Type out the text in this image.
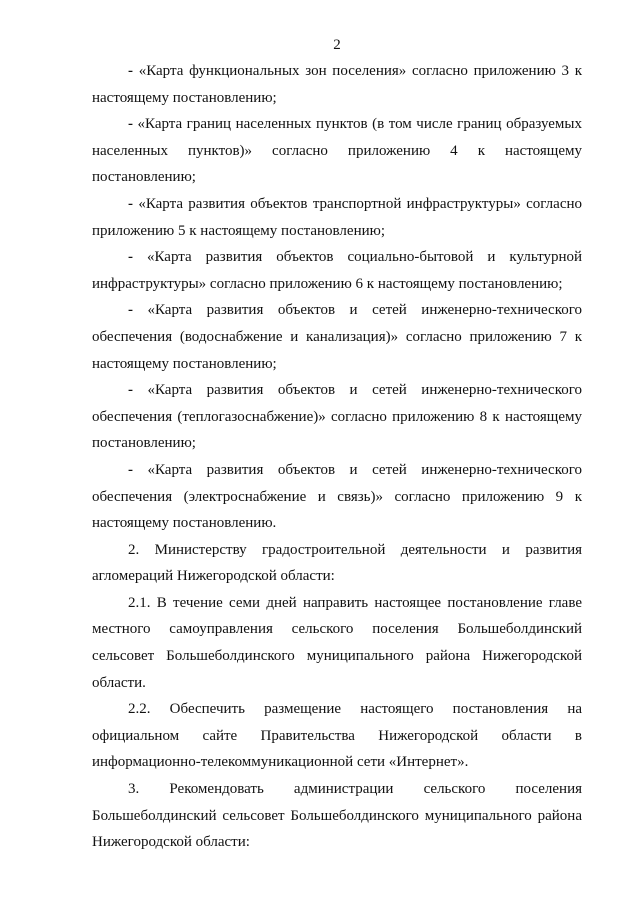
2

- «Карта функциональных зон поселения» согласно приложению 3 к настоящему постановлению;

- «Карта границ населенных пунктов (в том числе границ образуемых населенных пунктов)» согласно приложению 4 к настоящему постановлению;

- «Карта развития объектов транспортной инфраструктуры» согласно приложению 5 к настоящему постановлению;

- «Карта развития объектов социально-бытовой и культурной инфраструктуры» согласно приложению 6 к настоящему постановлению;

- «Карта развития объектов и сетей инженерно-технического обеспечения (водоснабжение и канализация)» согласно приложению 7 к настоящему постановлению;

- «Карта развития объектов и сетей инженерно-технического обеспечения (теплогазоснабжение)» согласно приложению 8 к настоящему постановлению;

- «Карта развития объектов и сетей инженерно-технического обеспечения (электроснабжение и связь)» согласно приложению 9 к настоящему постановлению.

2. Министерству градостроительной деятельности и развития агломераций Нижегородской области:

2.1. В течение семи дней направить настоящее постановление главе местного самоуправления сельского поселения Большеболдинский сельсовет Большеболдинского муниципального района Нижегородской области.

2.2. Обеспечить размещение настоящего постановления на официальном сайте Правительства Нижегородской области в информационно-телекоммуникационной сети «Интернет».

3. Рекомендовать администрации сельского поселения Большеболдинский сельсовет Большеболдинского муниципального района Нижегородской области:
